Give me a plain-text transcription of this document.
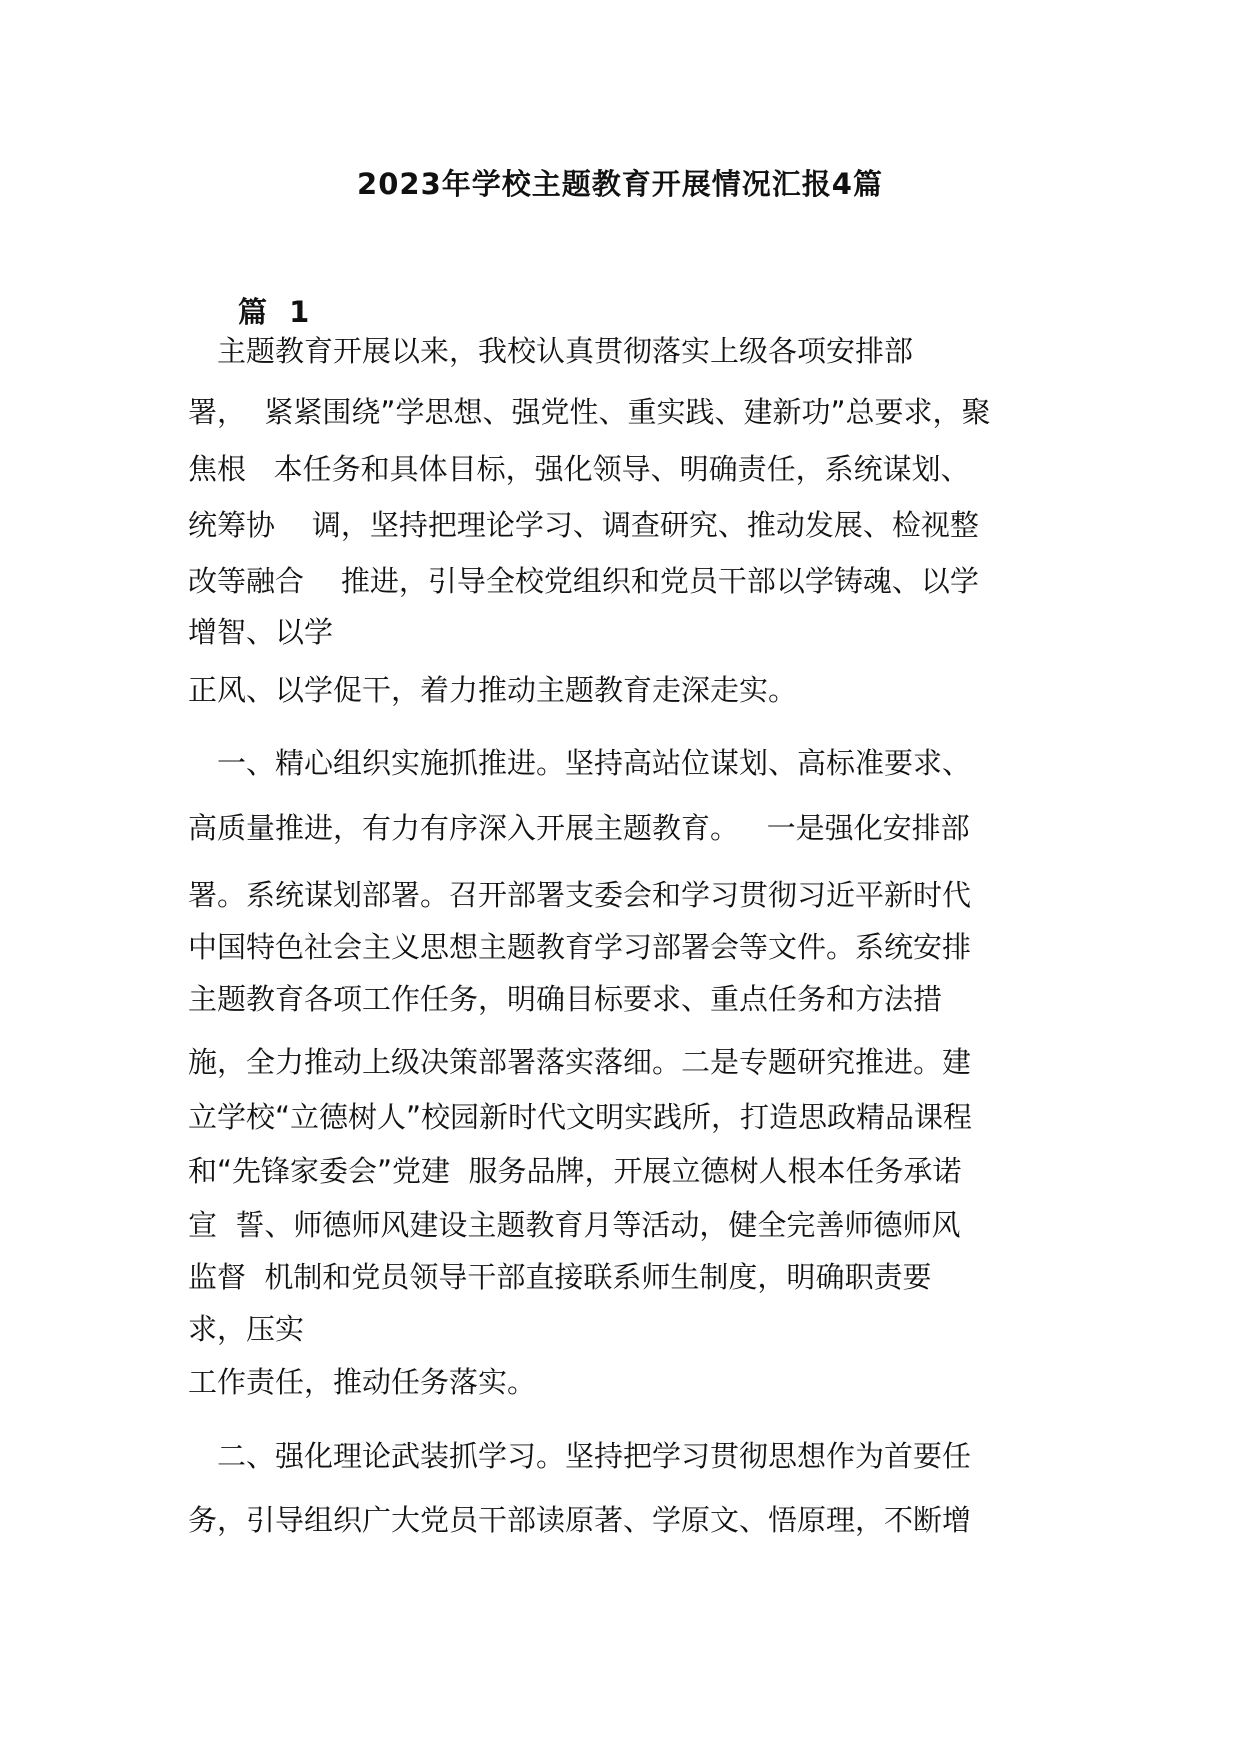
2023年学校主题教育开展情况汇报4篇
篇 1
　主题教育开展以来，我校认真贯彻落实上级各项安排部
署，  紧紧围绕”学思想、强党性、重实践、建新功”总要求，聚
焦根   本任务和具体目标，强化领导、明确责任，系统谋划、
统筹协    调，坚持把理论学习、调查研究、推动发展、检视整
改等融合    推进，引导全校党组织和党员干部以学铸魂、以学
增智、以学
正风、以学促干，着力推动主题教育走深走实。
　一、精心组织实施抓推进。坚持高站位谋划、高标准要求、
高质量推进，有力有序深入开展主题教育。   一是强化安排部
署。系统谋划部署。召开部署支委会和学习贯彻习近平新时代
中国特色社会主义思想主题教育学习部署会等文件。系统安排
主题教育各项工作任务，明确目标要求、重点任务和方法措
施，全力推动上级决策部署落实落细。二是专题研究推进。建
立学校“立德树人”校园新时代文明实践所，打造思政精品课程
和“先锋家委会”党建  服务品牌，开展立德树人根本任务承诺
宣  誓、师德师风建设主题教育月等活动，健全完善师德师风
监督  机制和党员领导干部直接联系师生制度，明确职责要
求，压实
工作责任，推动任务落实。
　二、强化理论武装抓学习。坚持把学习贯彻思想作为首要任
务，引导组织广大党员干部读原著、学原文、悟原理，不断增
